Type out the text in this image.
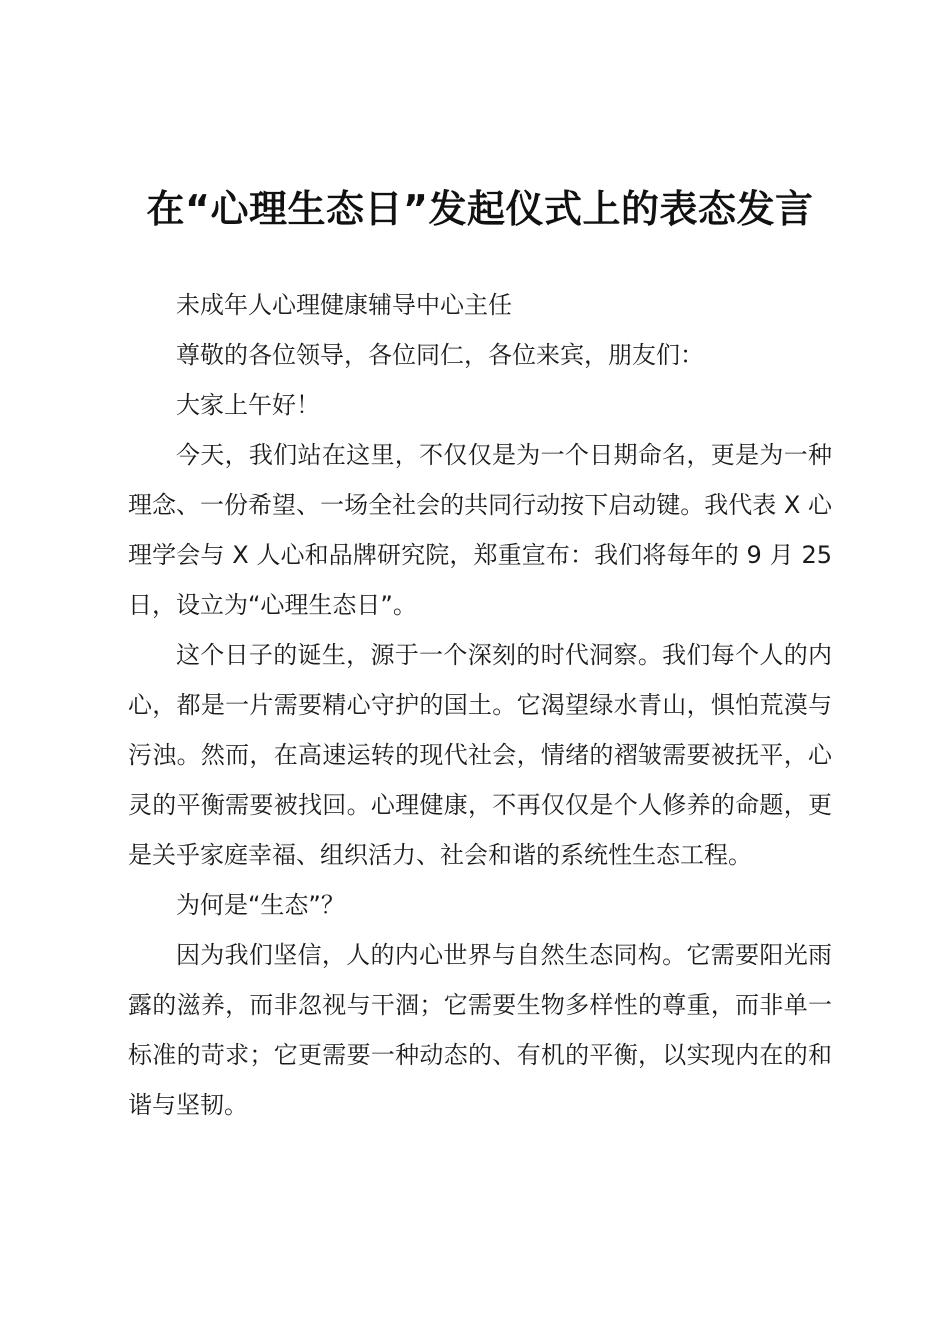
在“心理生态日”发起仪式上的表态发言

未成年人心理健康辅导中心主任

尊敬的各位领导，各位同仁，各位来宾，朋友们：

大家上午好！

今天，我们站在这里，不仅仅是为一个日期命名，更是为一种理念、一份希望、一场全社会的共同行动按下启动键。我代表 X 心理学会与 X 人心和品牌研究院，郑重宣布：我们将每年的 9 月 25 日，设立为“心理生态日”。

这个日子的诞生，源于一个深刻的时代洞察。我们每个人的内心，都是一片需要精心守护的国土。它渴望绿水青山，惧怕荒漠与污浊。然而，在高速运转的现代社会，情绪的褶皱需要被抚平，心灵的平衡需要被找回。心理健康，不再仅仅是个人修养的命题，更是关乎家庭幸福、组织活力、社会和谐的系统性生态工程。

为何是“生态”？

因为我们坚信，人的内心世界与自然生态同构。它需要阳光雨露的滋养，而非忽视与干涸；它需要生物多样性的尊重，而非单一标准的苛求；它更需要一种动态的、有机的平衡，以实现内在的和谐与坚韧。
